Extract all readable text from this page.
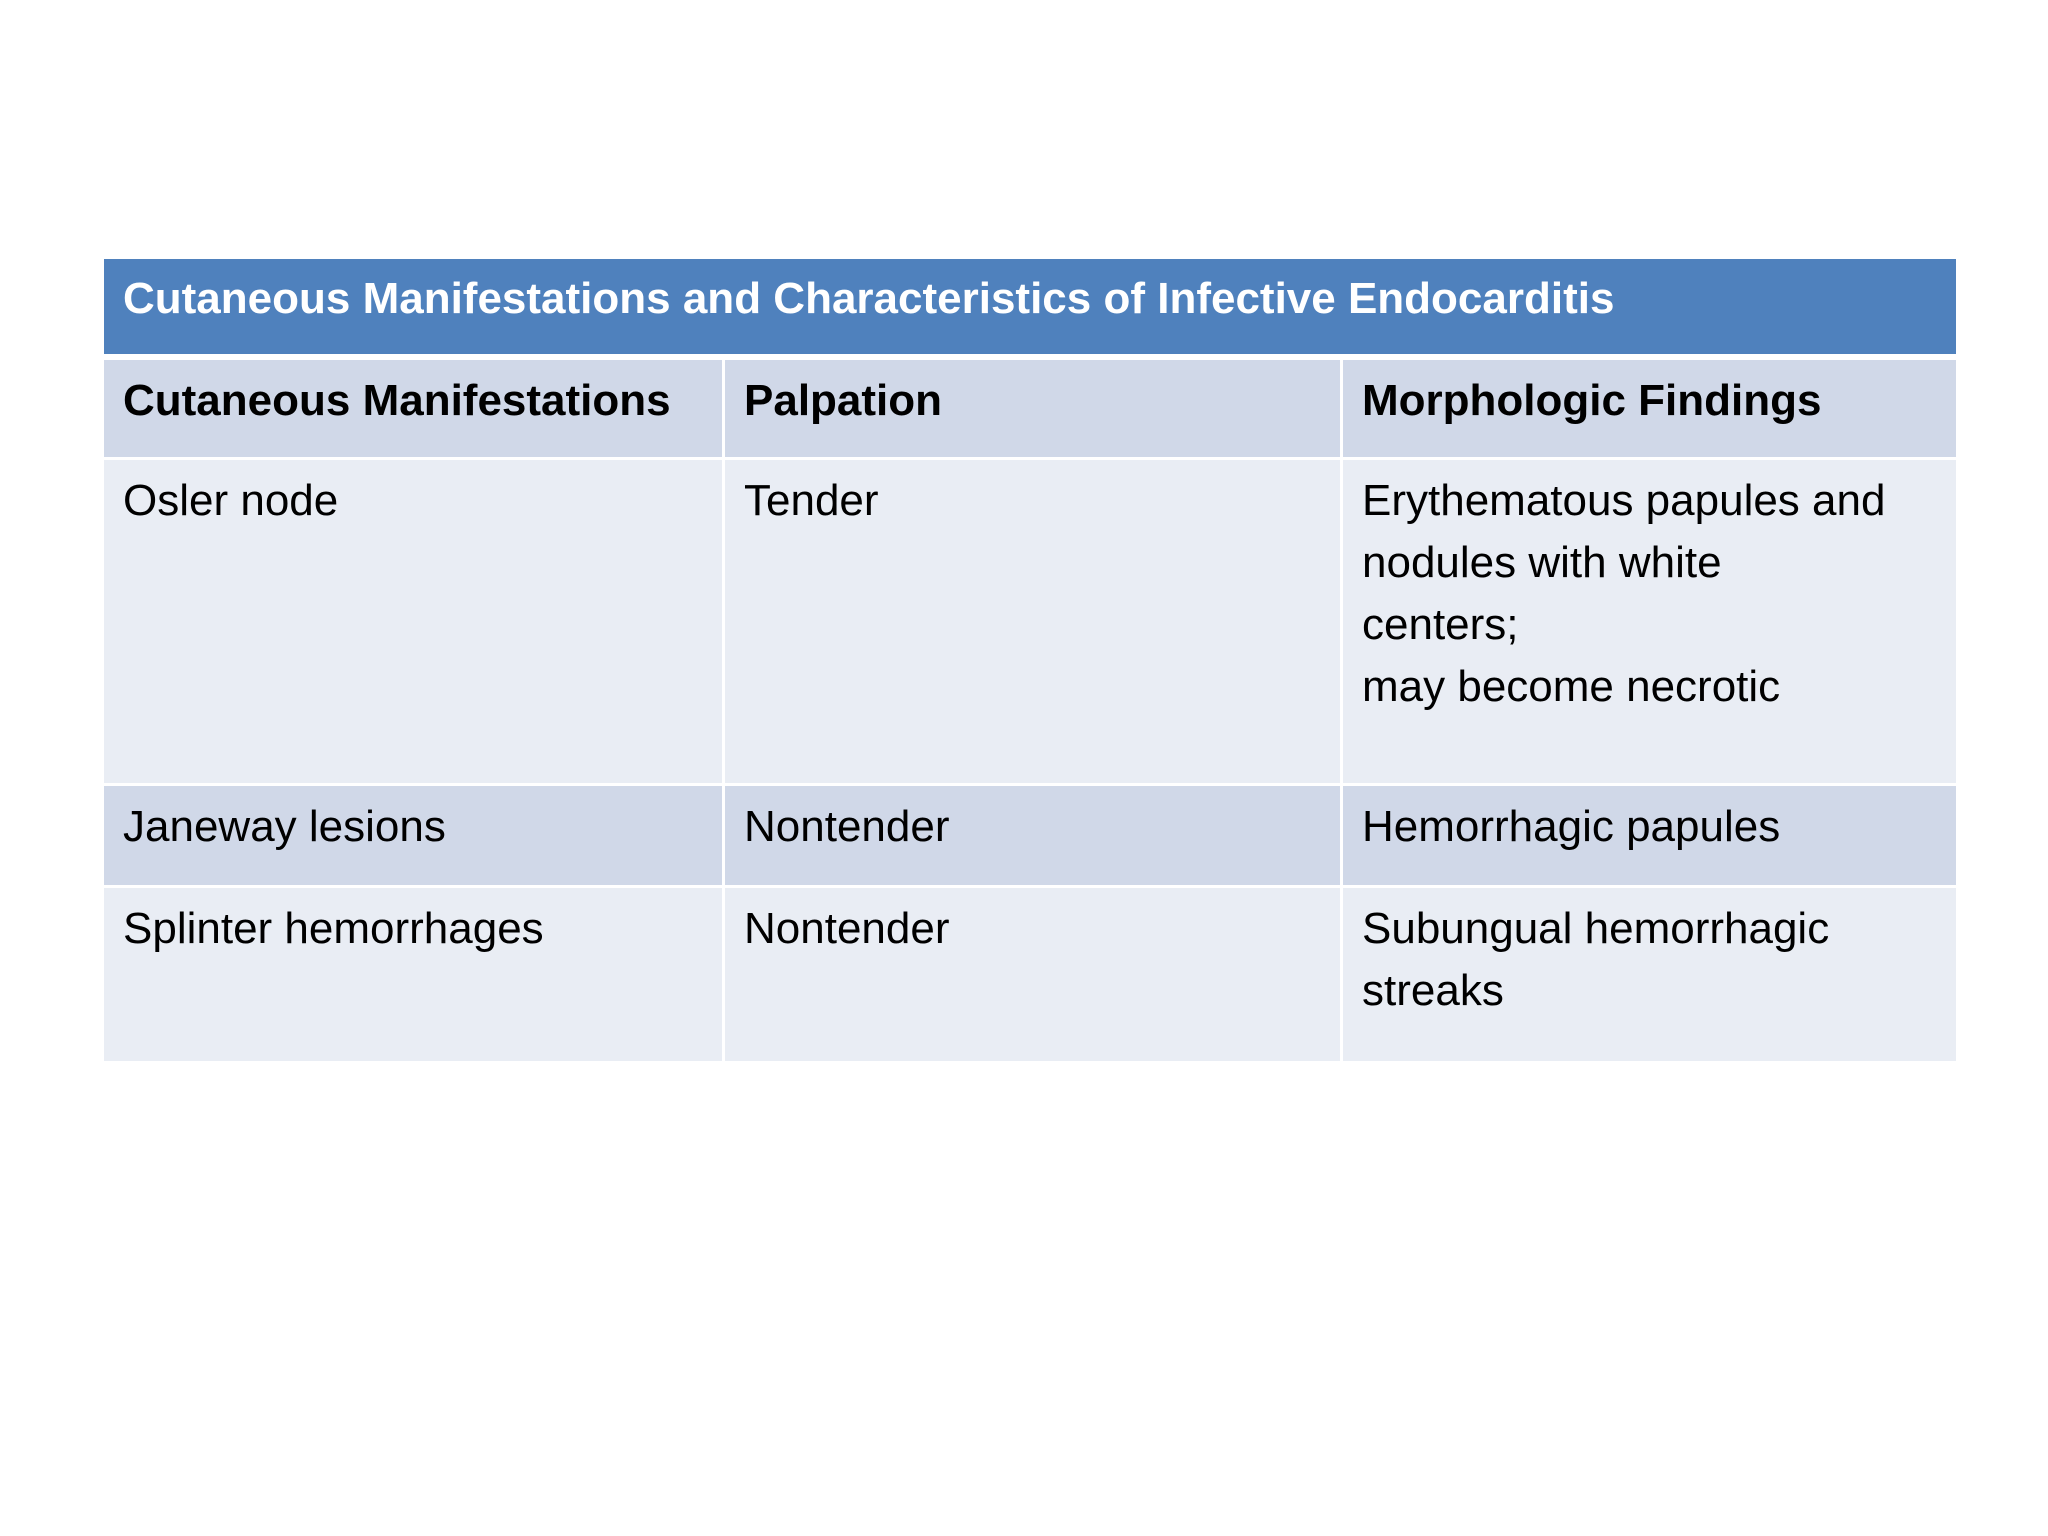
Cutaneous Manifestations and Characteristics of Infective Endocarditis
Cutaneous Manifestations	Palpation	Morphologic Findings
Osler node	Tender	Erythematous papules and
nodules with white
centers;
may become necrotic
Janeway lesions	Nontender	Hemorrhagic papules
Splinter hemorrhages	Nontender	Subungual hemorrhagic
streaks
